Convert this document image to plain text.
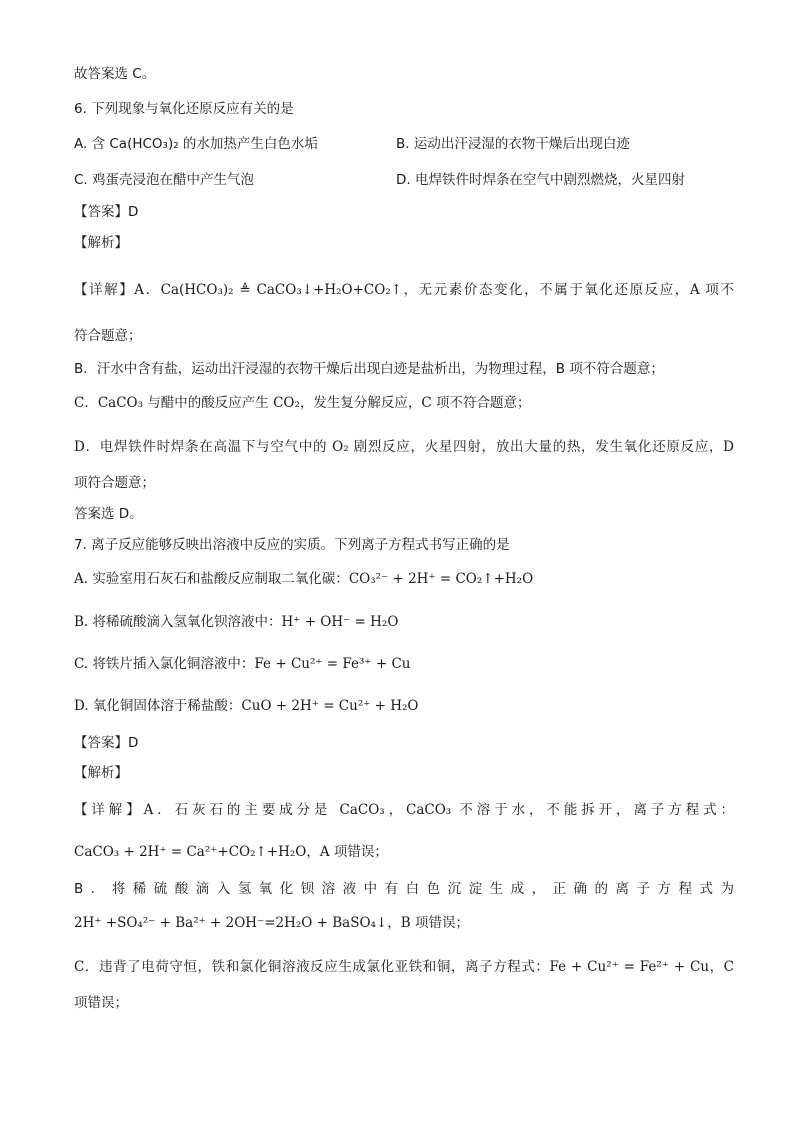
故答案选 C。
6. 下列现象与氧化还原反应有关的是
A. 含 Ca(HCO₃)₂ 的水加热产生白色水垢	B. 运动出汗浸湿的衣物干燥后出现白迹
C. 鸡蛋壳浸泡在醋中产生气泡	D. 电焊铁件时焊条在空气中剧烈燃烧，火星四射
【答案】D
【解析】
【详解】A．Ca(HCO₃)₂ ≜ CaCO₃↓+H₂O+CO₂↑，无元素价态变化，不属于氧化还原反应，A 项不
符合题意；
B．汗水中含有盐，运动出汗浸湿的衣物干燥后出现白迹是盐析出，为物理过程，B 项不符合题意；
C．CaCO₃ 与醋中的酸反应产生 CO₂，发生复分解反应，C 项不符合题意；
D．电焊铁件时焊条在高温下与空气中的 O₂ 剧烈反应，火星四射，放出大量的热，发生氧化还原反应，D
项符合题意；
答案选 D。
7. 离子反应能够反映出溶液中反应的实质。下列离子方程式书写正确的是
A. 实验室用石灰石和盐酸反应制取二氧化碳：CO₃²⁻ + 2H⁺ = CO₂↑+H₂O
B. 将稀硫酸滴入氢氧化钡溶液中：H⁺ + OH⁻ = H₂O
C. 将铁片插入氯化铜溶液中：Fe + Cu²⁺ = Fe³⁺ + Cu
D. 氧化铜固体溶于稀盐酸：CuO + 2H⁺ = Cu²⁺ + H₂O
【答案】D
【解析】
【详解】A．石灰石的主要成分是 CaCO₃，CaCO₃ 不溶于水，不能拆开，离子方程式：
CaCO₃ + 2H⁺ = Ca²⁺+CO₂↑+H₂O，A 项错误；
B．将稀硫酸滴入氢氧化钡溶液中有白色沉淀生成，正确的离子方程式为
2H⁺ +SO₄²⁻ + Ba²⁺ + 2OH⁻=2H₂O + BaSO₄↓，B 项错误；
C．违背了电荷守恒，铁和氯化铜溶液反应生成氯化亚铁和铜，离子方程式：Fe + Cu²⁺ = Fe²⁺ + Cu，C
项错误；
